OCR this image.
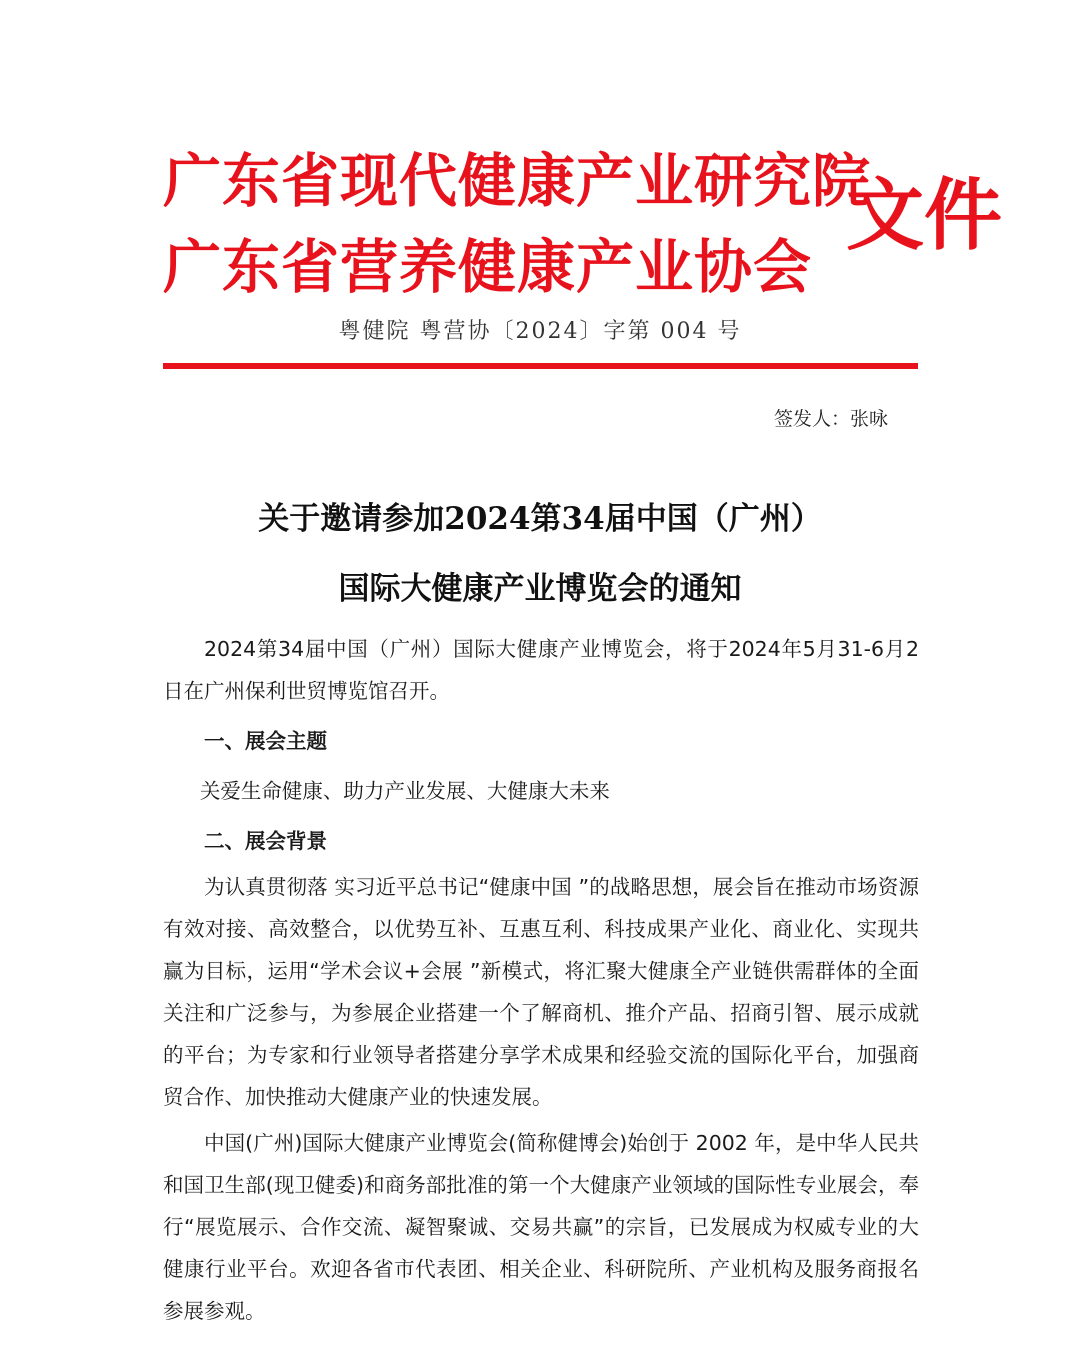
广东省现代健康产业研究院
广东省营养健康产业协会
文件
粤健院 粤营协〔2024〕字第 004 号
签发人：张咏
关于邀请参加2024第34届中国（广州）
国际大健康产业博览会的通知

2024第34届中国（广州）国际大健康产业博览会，将于2024年5月31-6月2日在广州保利世贸博览馆召开。

一、展会主题

关爱生命健康、助力产业发展、大健康大未来

二、展会背景

为认真贯彻落 实习近平总书记“健康中国 ”的战略思想，展会旨在推动市场资源有效对接、高效整合，以优势互补、互惠互利、科技成果产业化、商业化、实现共赢为目标，运用“学术会议+会展 ”新模式，将汇聚大健康全产业链供需群体的全面关注和广泛参与，为参展企业搭建一个了解商机、推介产品、招商引智、展示成就的平台；为专家和行业领导者搭建分享学术成果和经验交流的国际化平台，加强商贸合作、加快推动大健康产业的快速发展。

中国(广州)国际大健康产业博览会(简称健博会)始创于 2002 年，是中华人民共和国卫生部(现卫健委)和商务部批准的第一个大健康产业领域的国际性专业展会，奉行“展览展示、合作交流、凝智聚诚、交易共赢”的宗旨，已发展成为权威专业的大健康行业平台。欢迎各省市代表团、相关企业、科研院所、产业机构及服务商报名参展参观。
